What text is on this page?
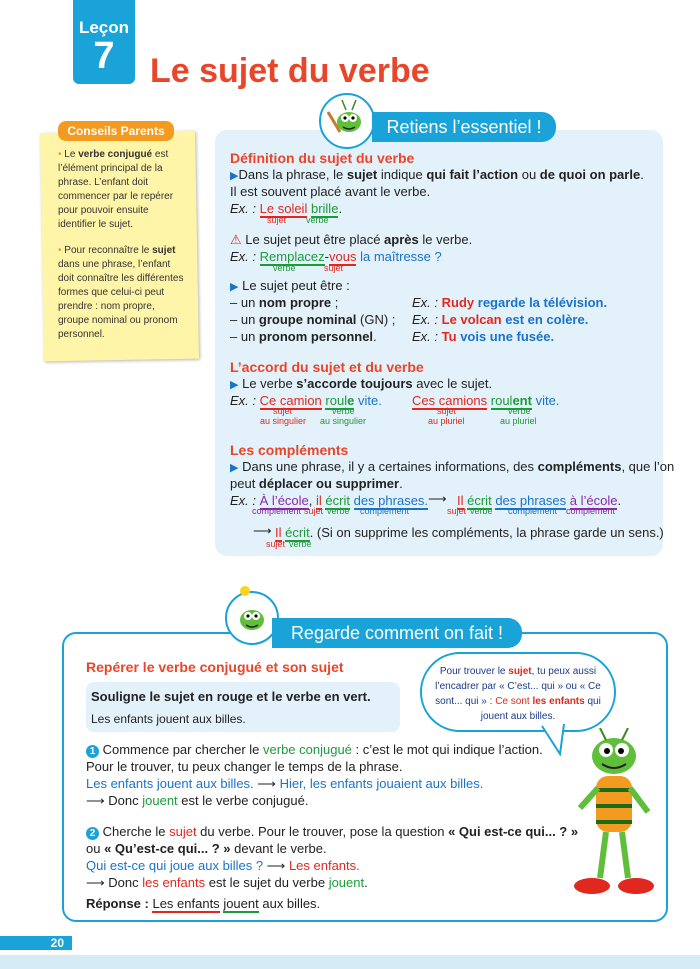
Leçon
7	Le sujet du verbe
Conseils Parents
• Le verbe conjugué est l’élément principal de la phrase. L’enfant doit commencer par le repérer pour pouvoir ensuite identifier le sujet.
• Pour reconnaître le sujet dans une phrase, l’enfant doit connaître les différentes formes que celui-ci peut prendre : nom propre, groupe nominal ou pronom personnel.
Retiens l’essentiel !
Définition du sujet du verbe
▶Dans la phrase, le sujet indique qui fait l’action ou de quoi on parle.
Il est souvent placé avant le verbe.
Ex. : Le soleil brille.
sujet verbe
⚠ Le sujet peut être placé après le verbe.
Ex. : Remplacez-vous la maîtresse ?
verbe	sujet
▶ Le sujet peut être :
– un nom propre ;
– un groupe nominal (GN) ;
– un pronom personnel.
Ex. : Rudy regarde la télévision.
Ex. : Le volcan est en colère.
Ex. : Tu vois une fusée.
L’accord du sujet et du verbe
▶ Le verbe s’accorde toujours avec le sujet.
Ex. : Ce camion roule vite. Ces camions roulent vite.
sujet
au singulier
verbe
au singulier
sujet
au pluriel
verbe
au pluriel
Les compléments
▶ Dans une phrase, il y a certaines informations, des compléments, que l’on
peut déplacer ou supprimer.
Ex. : À l’école, il écrit des phrases. ⟶ Il écrit des phrases à l’école.
complément sujet verbe complément	sujet verbe complément complément
⟶ Il écrit. (Si on supprime les compléments, la phrase garde un sens.)
sujet verbe
Regarde comment on fait !
Repérer le verbe conjugué et son sujet
Souligne le sujet en rouge et le verbe en vert.
Les enfants jouent aux billes.
Pour trouver le sujet, tu peux aussi l’encadrer par « C’est... qui » ou « Ce sont... qui » : Ce sont les enfants qui jouent aux billes.
1 Commence par chercher le verbe conjugué : c’est le mot qui indique l’action.
Pour le trouver, tu peux changer le temps de la phrase.
Les enfants jouent aux billes. ⟶ Hier, les enfants jouaient aux billes.
⟶ Donc jouent est le verbe conjugué.
2 Cherche le sujet du verbe. Pour le trouver, pose la question « Qui est-ce qui... ? »
ou « Qu’est-ce qui... ? » devant le verbe.
Qui est-ce qui joue aux billes ? ⟶ Les enfants.
⟶ Donc les enfants est le sujet du verbe jouent.
Réponse : Les enfants jouent aux billes.
20
